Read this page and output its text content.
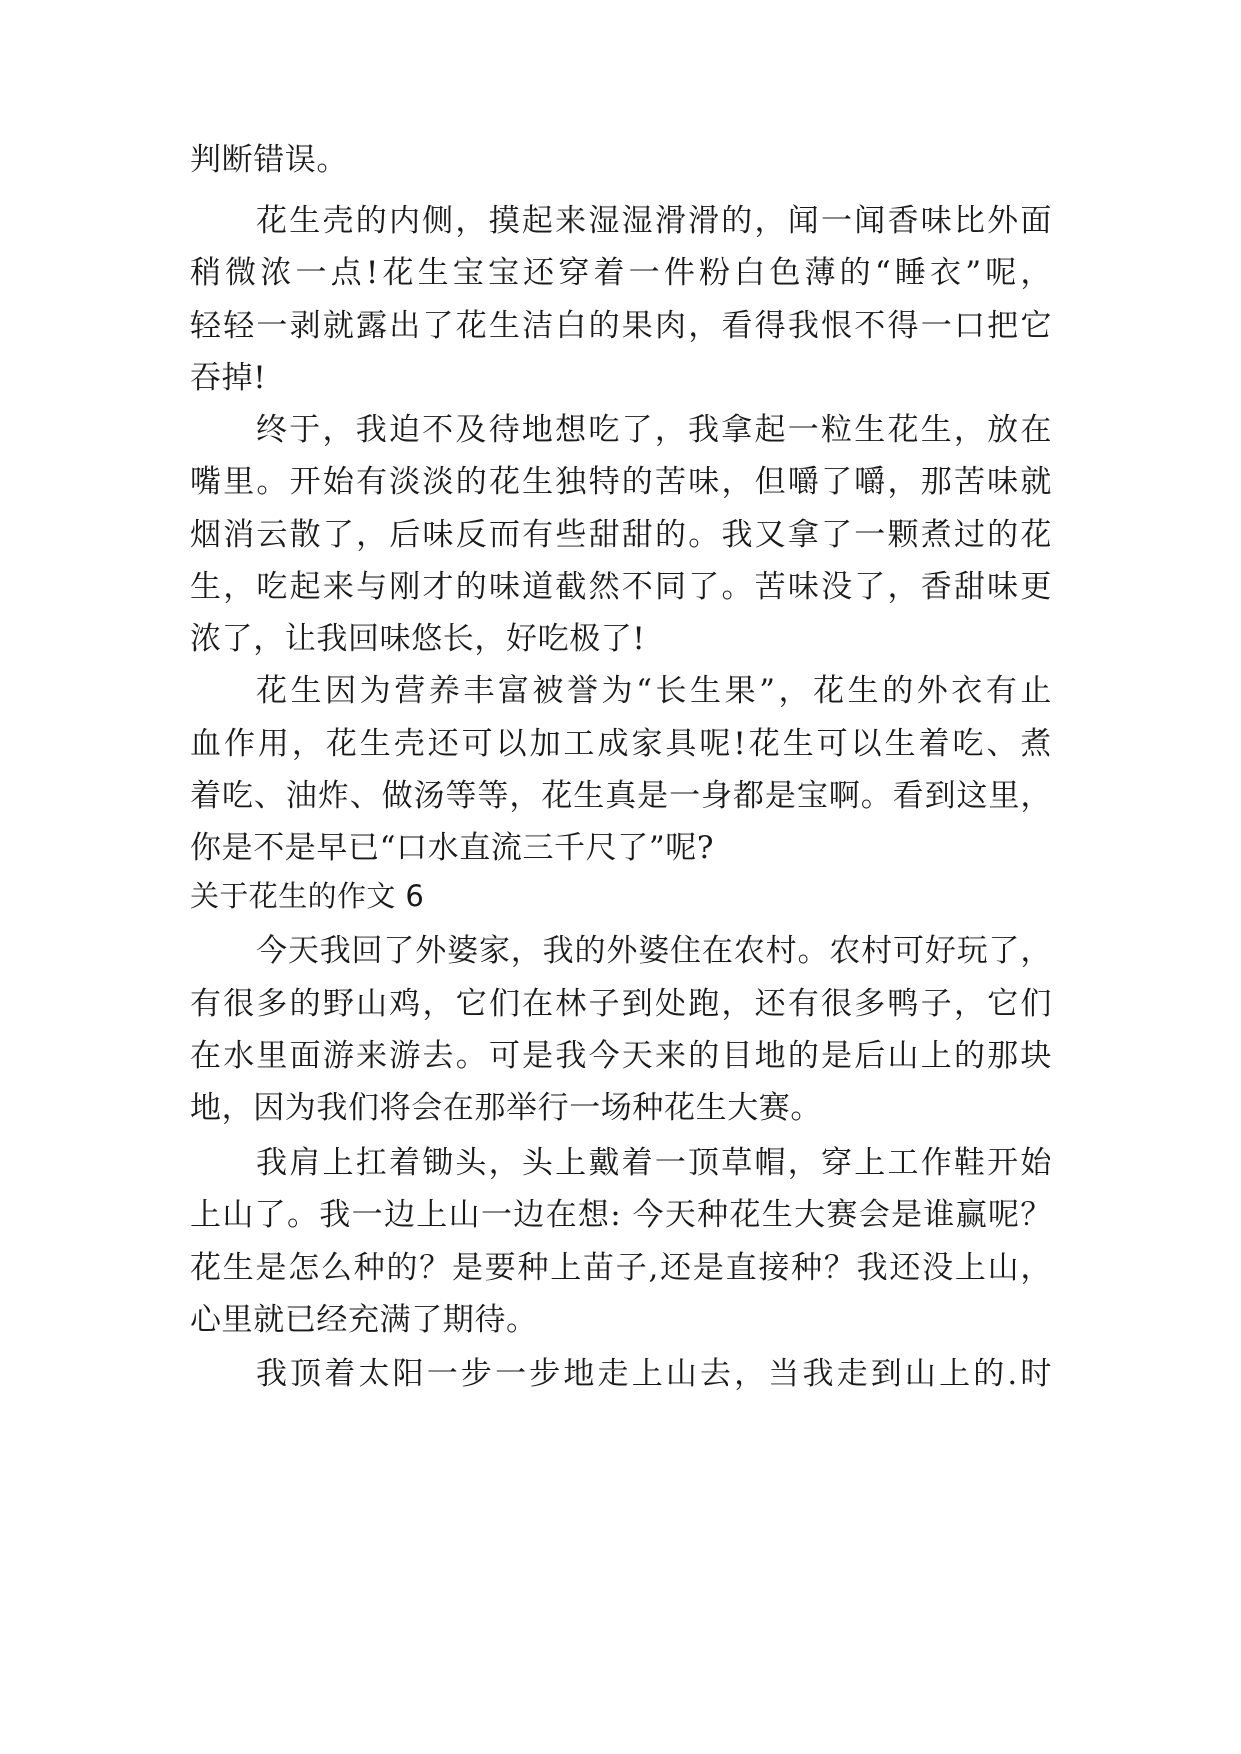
判断错误。
花生壳的内侧，摸起来湿湿滑滑的，闻一闻香味比外面
稍微浓一点!花生宝宝还穿着一件粉白色薄的“睡衣”呢，
轻轻一剥就露出了花生洁白的果肉，看得我恨不得一口把它
吞掉!
终于，我迫不及待地想吃了，我拿起一粒生花生，放在
嘴里。开始有淡淡的花生独特的苦味，但嚼了嚼，那苦味就
烟消云散了，后味反而有些甜甜的。我又拿了一颗煮过的花
生，吃起来与刚才的味道截然不同了。苦味没了，香甜味更
浓了，让我回味悠长，好吃极了!
花生因为营养丰富被誉为“长生果”，花生的外衣有止
血作用，花生壳还可以加工成家具呢!花生可以生着吃、煮
着吃、油炸、做汤等等，花生真是一身都是宝啊。看到这里，
你是不是早已“口水直流三千尺了”呢?
关于花生的作文 6
今天我回了外婆家，我的外婆住在农村。农村可好玩了，
有很多的野山鸡，它们在林子到处跑，还有很多鸭子，它们
在水里面游来游去。可是我今天来的目地的是后山上的那块
地，因为我们将会在那举行一场种花生大赛。
我肩上扛着锄头，头上戴着一顶草帽，穿上工作鞋开始
上山了。我一边上山一边在想: 今天种花生大赛会是谁赢呢？
花生是怎么种的？是要种上苗子,还是直接种？我还没上山，
心里就已经充满了期待。
我顶着太阳一步一步地走上山去，当我走到山上的.时
